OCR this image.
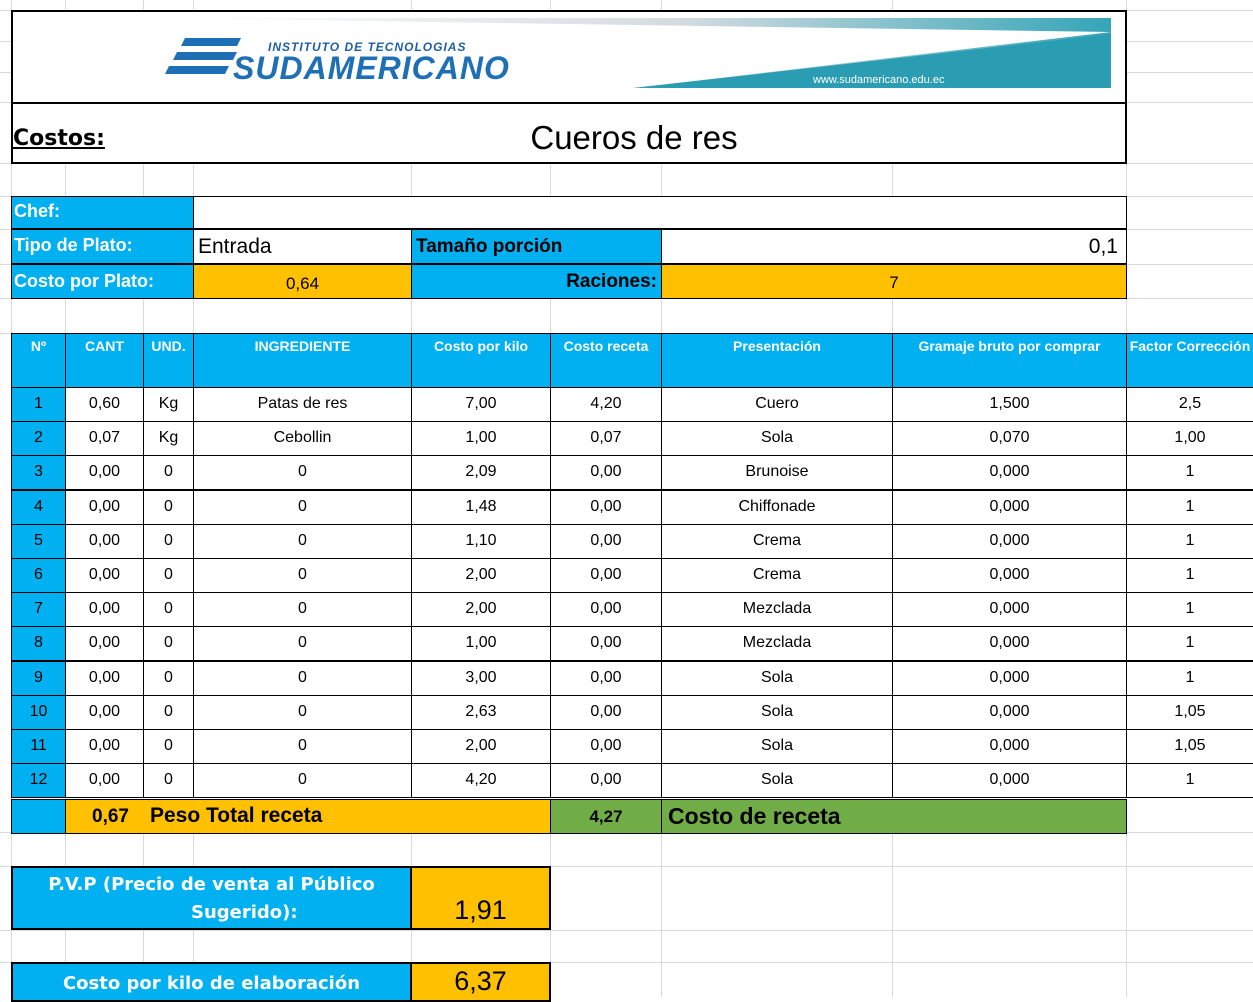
INSTITUTO DE TECNOLOGIAS
SUDAMERICANO	www.sudamericano.edu.ec
Costos:	Cueros de res
Chef:
Tipo de Plato:	Entrada	Tamaño porción	0,1
Costo por Plato:	0,64	Raciones:	7
Nº	CANT	UND.	INGREDIENTE	Costo por kilo	Costo receta	Presentación	Gramaje bruto por comprar	Factor Corrección
1	0,60	Kg	Patas de res	7,00	4,20	Cuero	1,500	2,5
2	0,07	Kg	Cebollin	1,00	0,07	Sola	0,070	1,00
3	0,00	0	0	2,09	0,00	Brunoise	0,000	1
4	0,00	0	0	1,48	0,00	Chiffonade	0,000	1
5	0,00	0	0	1,10	0,00	Crema	0,000	1
6	0,00	0	0	2,00	0,00	Crema	0,000	1
7	0,00	0	0	2,00	0,00	Mezclada	0,000	1
8	0,00	0	0	1,00	0,00	Mezclada	0,000	1
9	0,00	0	0	3,00	0,00	Sola	0,000	1
10	0,00	0	0	2,63	0,00	Sola	0,000	1,05
11	0,00	0	0	2,00	0,00	Sola	0,000	1,05
12	0,00	0	0	4,20	0,00	Sola	0,000	1
0,67 Peso Total receta	4,27	Costo de receta
P.V.P (Precio de venta al Público
Sugerido):	1,91
Costo por kilo de elaboración	6,37
